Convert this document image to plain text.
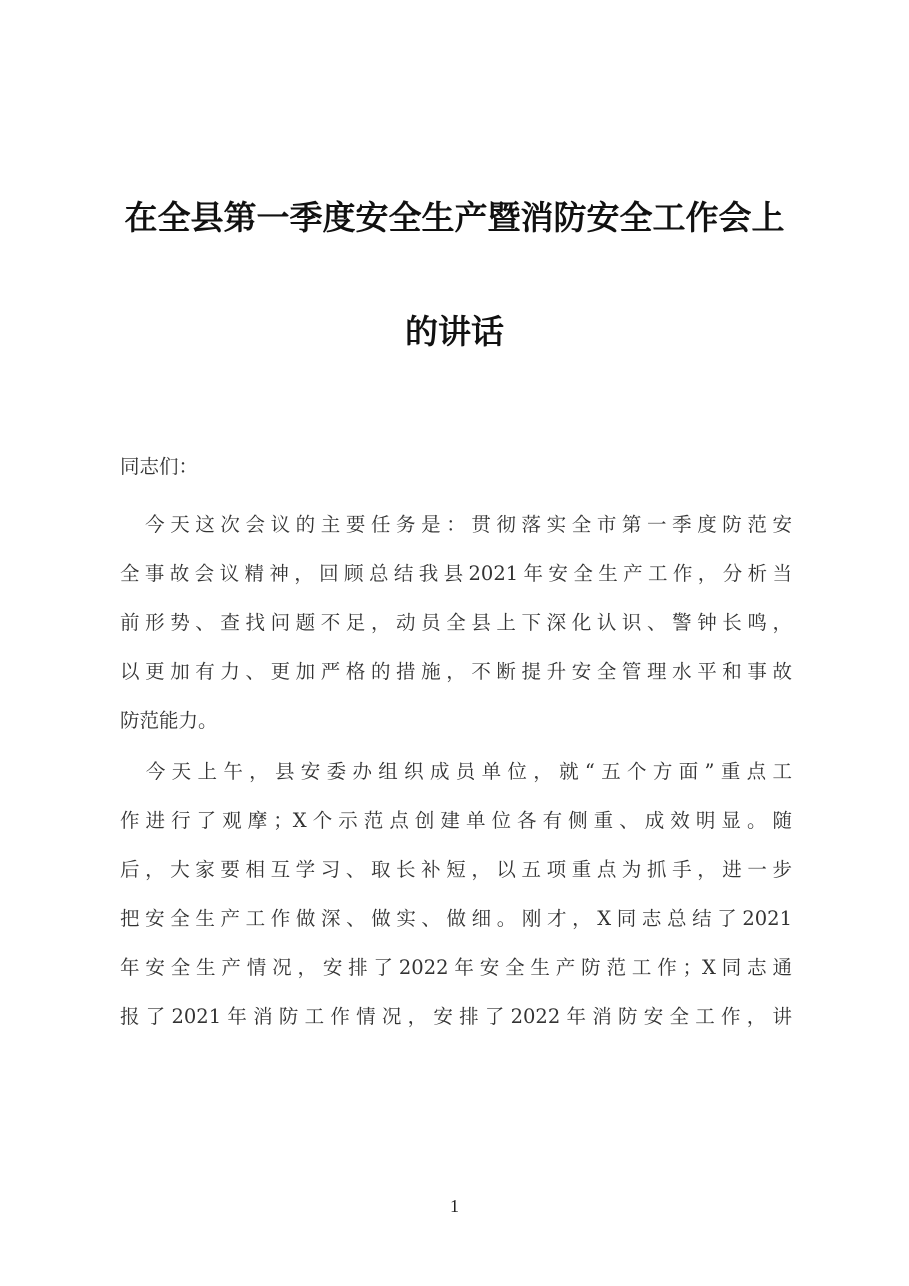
在全县第一季度安全生产暨消防安全工作会上
的讲话
同志们：
　今天这次会议的主要任务是：贯彻落实全市第一季度防范安
全事故会议精神，回顾总结我县2021年安全生产工作，分析当
前形势、查找问题不足，动员全县上下深化认识、警钟长鸣，
以更加有力、更加严格的措施，不断提升安全管理水平和事故
防范能力。
　今天上午，县安委办组织成员单位，就“五个方面”重点工
作进行了观摩；X个示范点创建单位各有侧重、成效明显。随
后，大家要相互学习、取长补短，以五项重点为抓手，进一步
把安全生产工作做深、做实、做细。刚才，X同志总结了2021
年安全生产情况，安排了2022年安全生产防范工作；X同志通
报了2021年消防工作情况，安排了2022年消防安全工作，讲
1
